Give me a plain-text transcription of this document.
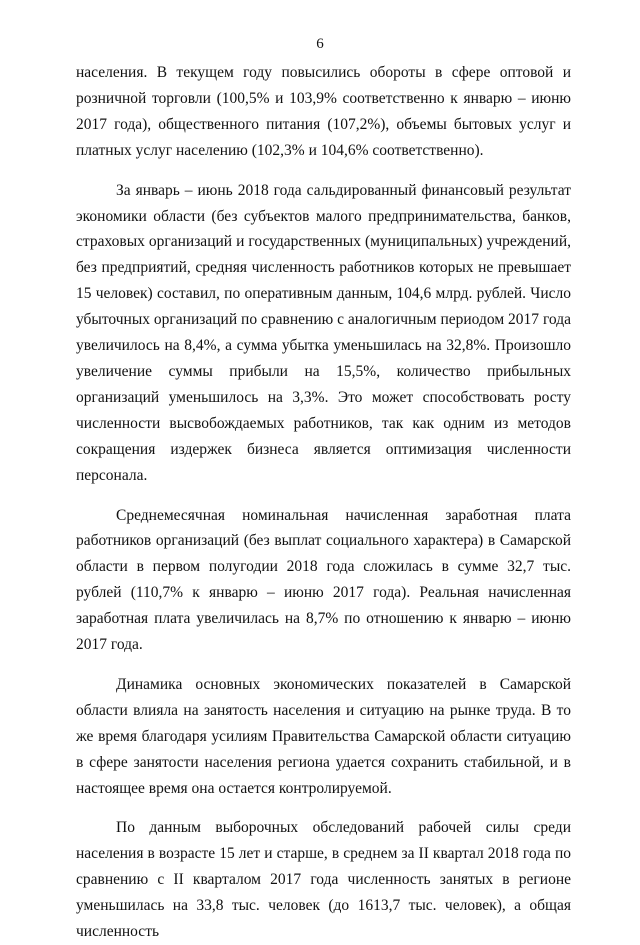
6

населения. В текущем году повысились обороты в сфере оптовой и розничной торговли (100,5% и 103,9% соответственно к январю – июню 2017 года), общественного питания (107,2%), объемы бытовых услуг и платных услуг населению (102,3% и 104,6% соответственно).

За январь – июнь 2018 года сальдированный финансовый результат экономики области (без субъектов малого предпринимательства, банков, страховых организаций и государственных (муниципальных) учреждений, без предприятий, средняя численность работников которых не превышает 15 человек) составил, по оперативным данным, 104,6 млрд. рублей. Число убыточных организаций по сравнению с аналогичным периодом 2017 года увеличилось на 8,4%, а сумма убытка уменьшилась на 32,8%. Произошло увеличение суммы прибыли на 15,5%, количество прибыльных организаций уменьшилось на 3,3%. Это может способствовать росту численности высвобождаемых работников, так как одним из методов сокращения издержек бизнеса является оптимизация численности персонала.

Среднемесячная номинальная начисленная заработная плата работников организаций (без выплат социального характера) в Самарской области в первом полугодии 2018 года сложилась в сумме 32,7 тыс. рублей (110,7% к январю – июню 2017 года). Реальная начисленная заработная плата увеличилась на 8,7% по отношению к январю – июню 2017 года.

Динамика основных экономических показателей в Самарской области влияла на занятость населения и ситуацию на рынке труда. В то же время благодаря усилиям Правительства Самарской области ситуацию в сфере занятости населения региона удается сохранить стабильной, и в настоящее время она остается контролируемой.

По данным выборочных обследований рабочей силы среди населения в возрасте 15 лет и старше, в среднем за II квартал 2018 года по сравнению с II кварталом 2017 года численность занятых в регионе уменьшилась на 33,8 тыс. человек (до 1613,7 тыс. человек), а общая численность
